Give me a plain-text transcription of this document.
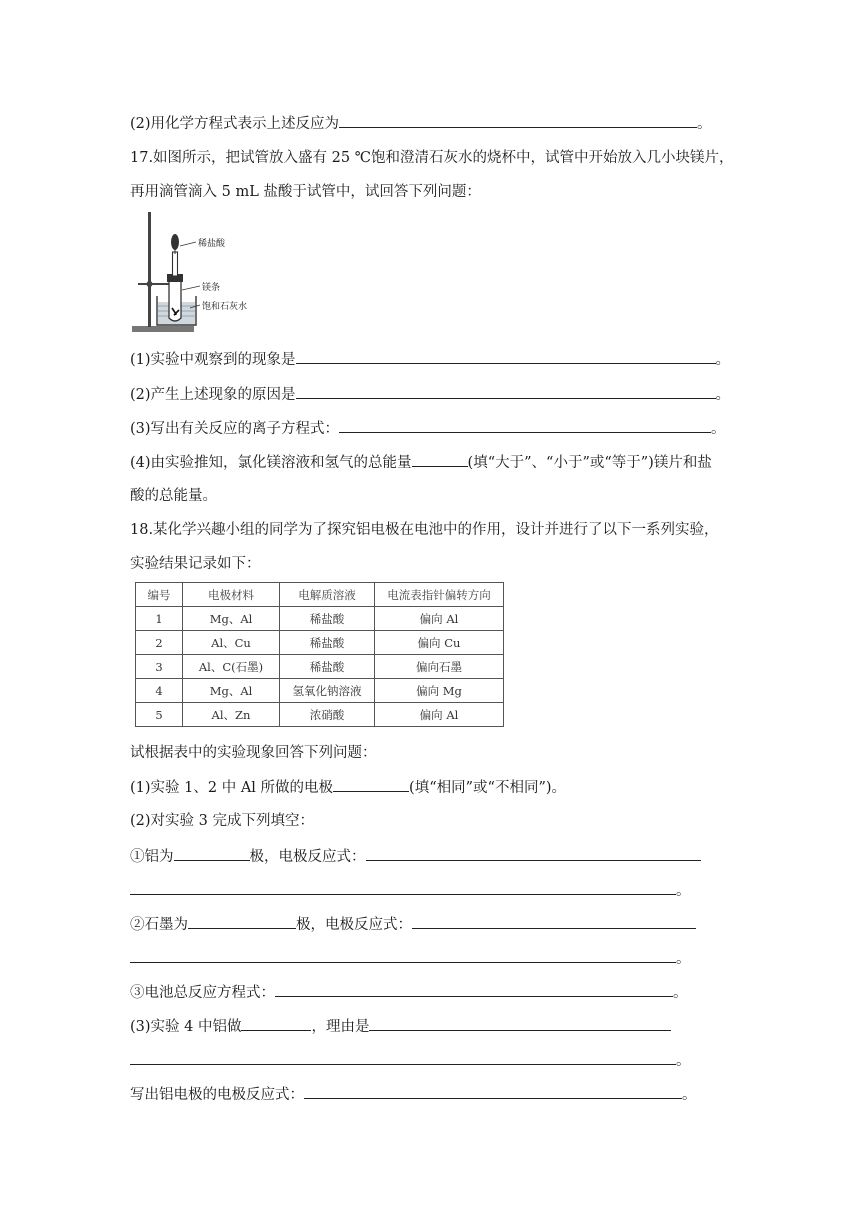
(2)用化学方程式表示上述反应为	。
17.如图所示，把试管放入盛有 25 ℃饱和澄清石灰水的烧杯中，试管中开始放入几小块镁片，
再用滴管滴入 5 mL 盐酸于试管中，试回答下列问题：
稀盐酸
镁条
饱和石灰水
(1)实验中观察到的现象是	。
(2)产生上述现象的原因是	。
(3)写出有关反应的离子方程式：	。
(4)由实验推知，氯化镁溶液和氢气的总能量	(填“大于”、“小于”或“等于”)镁片和盐
酸的总能量。
18.某化学兴趣小组的同学为了探究铝电极在电池中的作用，设计并进行了以下一系列实验，
实验结果记录如下：
编号	电极材料	电解质溶液	电流表指针偏转方向
1	Mg、Al	稀盐酸	偏向 Al
2	Al、Cu	稀盐酸	偏向 Cu
3	Al、C(石墨)	稀盐酸	偏向石墨
4	Mg、Al	氢氧化钠溶液	偏向 Mg
5	Al、Zn	浓硝酸	偏向 Al
试根据表中的实验现象回答下列问题：
(1)实验 1、2 中 Al 所做的电极	(填“相同”或“不相同”)。
(2)对实验 3 完成下列填空：
①铝为	极，电极反应式：
。
②石墨为	极，电极反应式：
。
③电池总反应方程式：	。
(3)实验 4 中铝做	，理由是
。
写出铝电极的电极反应式：	。
